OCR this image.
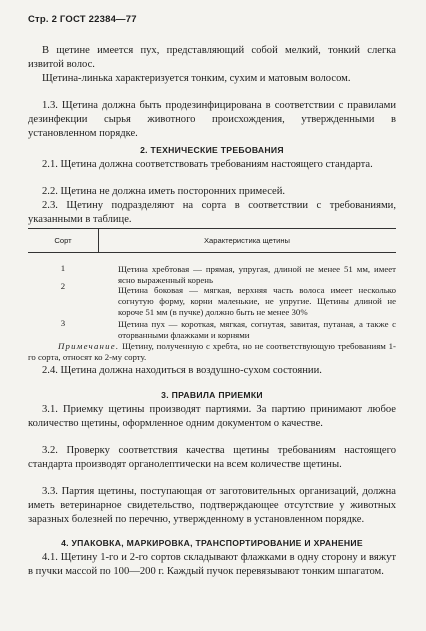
Стр. 2 ГОСТ 22384—77

В щетине имеется пух, представляющий собой мелкий, тонкий слегка извитой волос.

Щетина-линька характеризуется тонким, сухим и матовым волосом.

1.3. Щетина должна быть продезинфицирована в соответствии с правилами дезинфекции сырья животного происхождения, утвержденными в установленном порядке.

2. ТЕХНИЧЕСКИЕ ТРЕБОВАНИЯ

2.1. Щетина должна соответствовать требованиям настоящего стандарта.

2.2. Щетина не должна иметь посторонних примесей.

2.3. Щетину подразделяют на сорта в соответствии с требованиями, указанными в таблице.

Сорт	Характеристика щетины
1	Щетина хребтовая — прямая, упругая, длиной не менее 51 мм, имеет ясно выраженный корень

2	Щетина боковая — мягкая, верхняя часть волоса имеет несколько согнутую форму, корни маленькие, не упругие. Щетины длиной не короче 51 мм (в пучке) должно быть не менее 30%

3	Щетина пух — короткая, мягкая, согнутая, завитая, путаная, а также с оторванными флажками и корнями

Примечание. Щетину, полученную с хребта, но не соответствующую требованиям 1-го сорта, относят ко 2-му сорту.

2.4. Щетина должна находиться в воздушно-сухом состоянии.

3. ПРАВИЛА ПРИЕМКИ

3.1. Приемку щетины производят партиями. За партию принимают любое количество щетины, оформленное одним документом о качестве.

3.2. Проверку соответствия качества щетины требованиям настоящего стандарта производят органолептически на всем количестве щетины.

3.3. Партия щетины, поступающая от заготовительных организаций, должна иметь ветеринарное свидетельство, подтверждающее отсутствие у животных заразных болезней по перечню, утвержденному в установленном порядке.

4. УПАКОВКА, МАРКИРОВКА, ТРАНСПОРТИРОВАНИЕ И ХРАНЕНИЕ

4.1. Щетину 1-го и 2-го сортов складывают флажками в одну сторону и вяжут в пучки массой по 100—200 г. Каждый пучок перевязывают тонким шпагатом.
